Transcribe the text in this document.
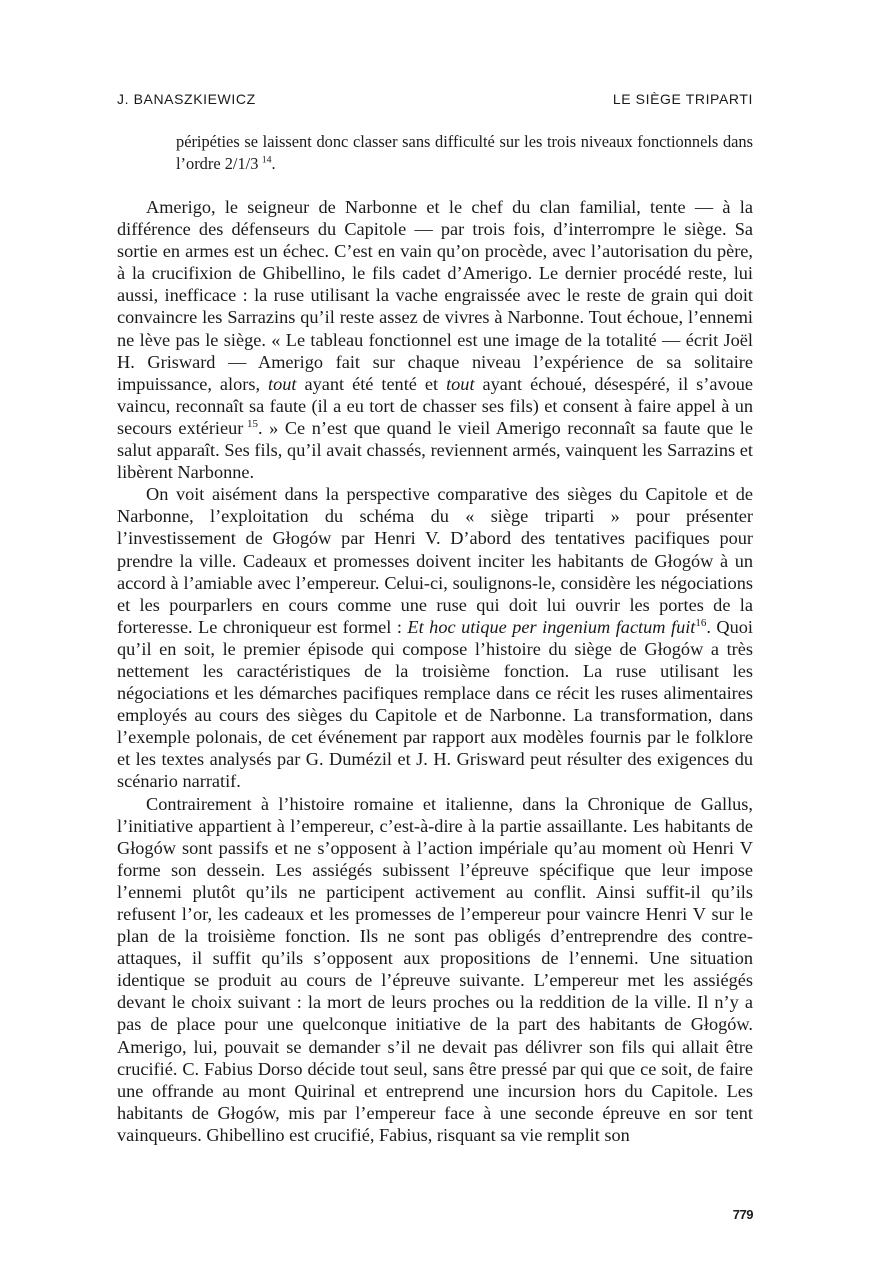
J. BANASZKIEWICZ	LE SIÈGE TRIPARTI

péripéties se laissent donc classer sans difficulté sur les trois niveaux fonctionnels dans l’ordre 2/1/3  $^{14}$.

Amerigo, le seigneur de Narbonne et le chef du clan familial, tente — à la différence des défenseurs du Capitole — par trois fois, d’interrompre le siège. Sa sortie en armes est un échec. C’est en vain qu’on procède, avec l’autorisation du père, à la crucifixion de Ghibellino, le fils cadet d’Amerigo. Le dernier procédé reste, lui aussi, inefficace : la ruse utilisant la vache engraissée avec le reste de grain qui doit convaincre les Sarrazins qu’il reste assez de vivres à Narbonne. Tout échoue, l’ennemi ne lève pas le siège. « Le tableau fonctionnel est une image de la totalité — écrit Joël H. Grisward — Amerigo fait sur chaque niveau l’expérience de sa solitaire impuissance, alors, tout ayant été tenté et tout ayant échoué, désespéré, il s’avoue vaincu, reconnaît sa faute (il a eu tort de chasser ses fils) et consent à faire appel à un secours extérieur  $^{15}$. » Ce n’est que quand le vieil Amerigo reconnaît sa faute que le salut apparaît. Ses fils, qu’il avait chassés, reviennent armés, vainquent les Sarrazins et libèrent Narbonne.

On voit aisément dans la perspective comparative des sièges du Capitole et de Narbonne, l’exploitation du schéma du « siège triparti » pour présenter l’investissement de Głogów par Henri V. D’abord des tentatives pacifiques pour prendre la ville. Cadeaux et promesses doivent inciter les habitants de Głogów à un accord à l’amiable avec l’empereur. Celui-ci, soulignons-le, considère les négociations et les pourparlers en cours comme une ruse qui doit lui ouvrir les portes de la forteresse. Le chroniqueur est formel : Et hoc utique per ingenium factum fuit$^{16}$. Quoi qu’il en soit, le premier épisode qui compose l’histoire du siège de Głogów a très nettement les caractéristiques de la troisième fonction. La ruse utilisant les négociations et les démarches pacifiques remplace dans ce récit les ruses alimentaires employés au cours des sièges du Capitole et de Narbonne. La transformation, dans l’exemple polonais, de cet événement par rapport aux modèles fournis par le folklore et les textes analysés par G. Dumézil et J. H. Grisward peut résulter des exigences du scénario narratif.

Contrairement à l’histoire romaine et italienne, dans la Chronique de Gallus, l’initiative appartient à l’empereur, c’est-à-dire à la partie assaillante. Les habitants de Głogów sont passifs et ne s’opposent à l’action impériale qu’au moment où Henri V forme son dessein. Les assiégés subissent l’épreuve spécifique que leur impose l’ennemi plutôt qu’ils ne participent activement au conflit. Ainsi suffit-il qu’ils refusent l’or, les cadeaux et les promesses de l’empereur pour vaincre Henri V sur le plan de la troisième fonction. Ils ne sont pas obligés d’entreprendre des contre-attaques, il suffit qu’ils s’opposent aux propositions de l’ennemi. Une situation identique se produit au cours de l’épreuve suivante. L’empereur met les assiégés devant le choix suivant : la mort de leurs proches ou la reddition de la ville. Il n’y a pas de place pour une quelconque initiative de la part des habitants de Głogów. Amerigo, lui, pouvait se demander s’il ne devait pas délivrer son fils qui allait être crucifié. C. Fabius Dorso décide tout seul, sans être pressé par qui que ce soit, de faire une offrande au mont Quirinal et entreprend une incursion hors du Capitole. Les habitants de Głogów, mis par l’empereur face à une seconde épreuve en sor tent vainqueurs. Ghibellino est crucifié, Fabius, risquant sa vie remplit son

779
